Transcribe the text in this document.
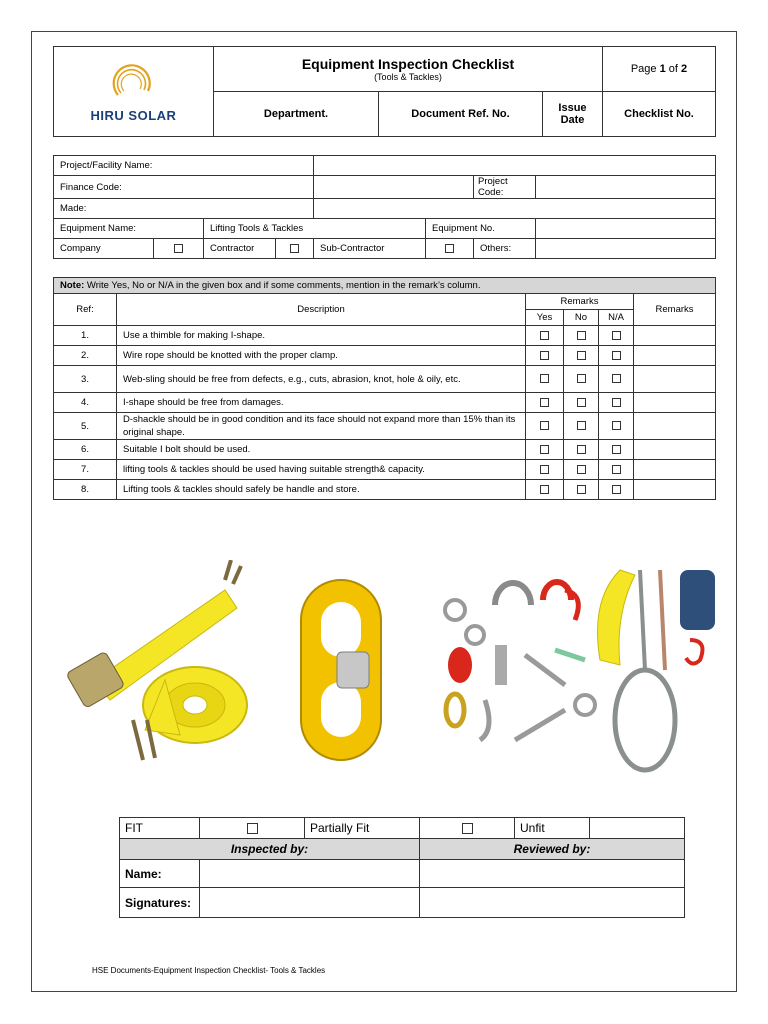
HIRU SOLAR	Equipment Inspection Checklist
(Tools & Tackles)			Page 1 of 2
	Department.	Document Ref. No.	Issue Date	Checklist No.
Project/Facility Name:							
Finance Code:						Project Code:	
Made:							
Equipment Name:		Lifting Tools & Tackles			Equipment No.		
Company		Contractor		Sub-Contractor		Others:	
Note: Write Yes, No or N/A in the given box and if some comments, mention in the remark’s column.					
Ref:	Description	Remarks			Remarks
		Yes	No	N/A	
1.	Use a thimble for making I-shape.				
2.	Wire rope should be knotted with the proper clamp.				
3.	Web-sling should be free from defects, e.g., cuts, abrasion, knot, hole & oily, etc.				
4.	I-shape should be free from damages.				
5.	D-shackle should be in good condition and its face should not expand more than 15% than its original shape.				
6.	Suitable I bolt should be used.				
7.	lifting tools & tackles should be used having suitable strength& capacity.				
8.	Lifting tools & tackles should safely be handle and store.				
FIT		Partially Fit		Unfit	
Inspected by:			Reviewed by:		
Name:					
Signatures:					
HSE Documents-Equipment Inspection Checklist- Tools & Tackles
